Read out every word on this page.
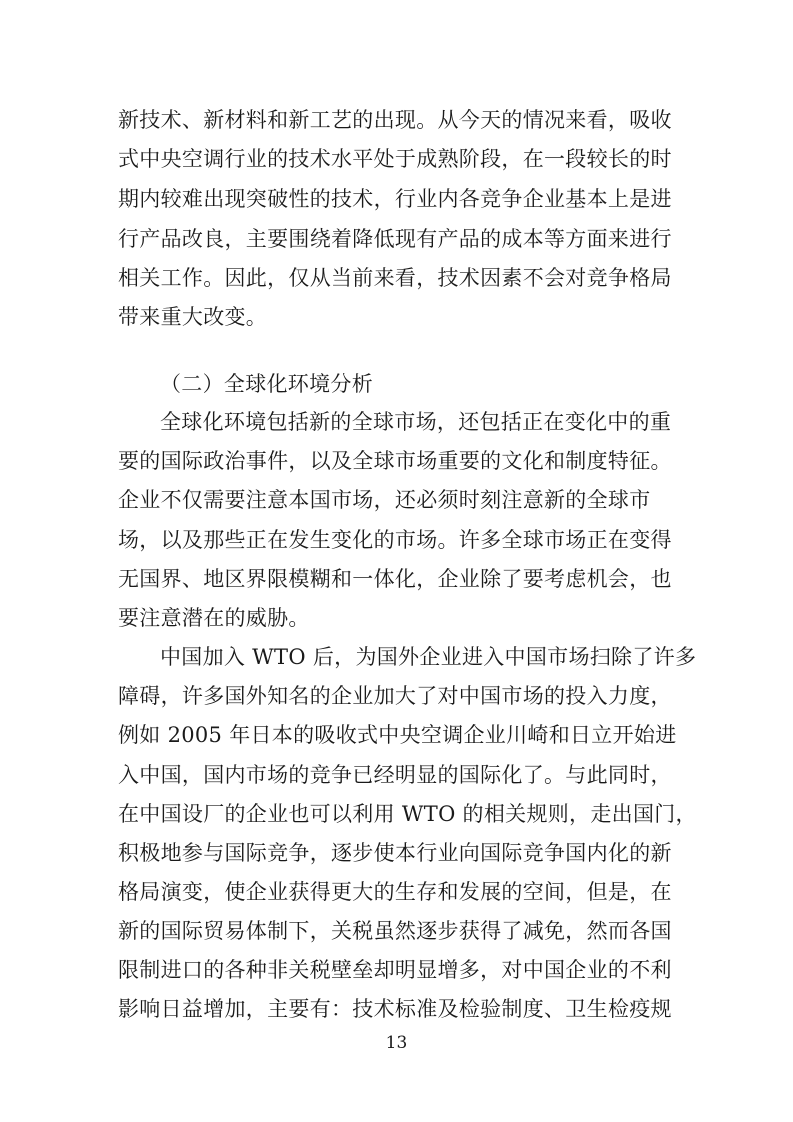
新技术、新材料和新工艺的出现。从今天的情况来看，吸收
式中央空调行业的技术水平处于成熟阶段，在一段较长的时
期内较难出现突破性的技术，行业内各竞争企业基本上是进
行产品改良，主要围绕着降低现有产品的成本等方面来进行
相关工作。因此，仅从当前来看，技术因素不会对竞争格局
带来重大改变。
（二）全球化环境分析
全球化环境包括新的全球市场，还包括正在变化中的重
要的国际政治事件，以及全球市场重要的文化和制度特征。
企业不仅需要注意本国市场，还必须时刻注意新的全球市
场，以及那些正在发生变化的市场。许多全球市场正在变得
无国界、地区界限模糊和一体化，企业除了要考虑机会，也
要注意潜在的威胁。
中国加入 WTO 后，为国外企业进入中国市场扫除了许多
障碍，许多国外知名的企业加大了对中国市场的投入力度，
例如 2005 年日本的吸收式中央空调企业川崎和日立开始进
入中国，国内市场的竞争已经明显的国际化了。与此同时，
在中国设厂的企业也可以利用 WTO 的相关规则，走出国门，
积极地参与国际竞争，逐步使本行业向国际竞争国内化的新
格局演变，使企业获得更大的生存和发展的空间，但是，在
新的国际贸易体制下，关税虽然逐步获得了减免，然而各国
限制进口的各种非关税壁垒却明显增多，对中国企业的不利
影响日益增加，主要有：技术标准及检验制度、卫生检疫规
13
